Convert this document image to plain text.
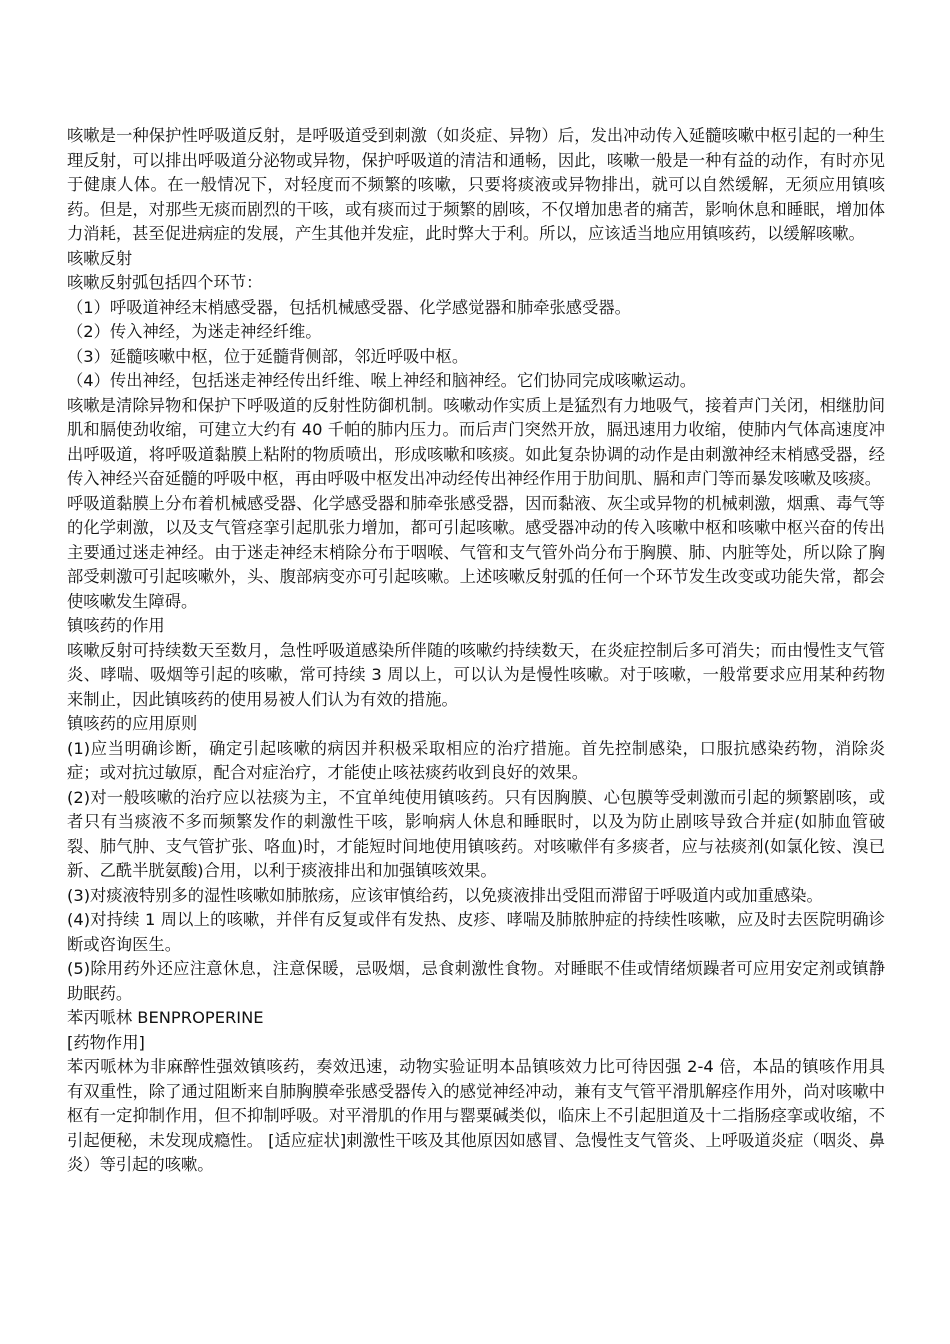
咳嗽是一种保护性呼吸道反射，是呼吸道受到刺激（如炎症、异物）后，发出冲动传入延髓咳嗽中枢引起的一种生理反射，可以排出呼吸道分泌物或异物，保护呼吸道的清洁和通畅，因此，咳嗽一般是一种有益的动作，有时亦见于健康人体。在一般情况下，对轻度而不频繁的咳嗽，只要将痰液或异物排出，就可以自然缓解，无须应用镇咳药。但是，对那些无痰而剧烈的干咳，或有痰而过于频繁的剧咳，不仅增加患者的痛苦，影响休息和睡眠，增加体力消耗，甚至促进病症的发展，产生其他并发症，此时弊大于利。所以，应该适当地应用镇咳药，以缓解咳嗽。

咳嗽反射

咳嗽反射弧包括四个环节：

（1）呼吸道神经末梢感受器，包括机械感受器、化学感觉器和肺牵张感受器。

（2）传入神经，为迷走神经纤维。

（3）延髓咳嗽中枢，位于延髓背侧部，邻近呼吸中枢。

（4）传出神经，包括迷走神经传出纤维、喉上神经和脑神经。它们协同完成咳嗽运动。

咳嗽是清除异物和保护下呼吸道的反射性防御机制。咳嗽动作实质上是猛烈有力地吸气，接着声门关闭，相继肋间肌和膈使劲收缩，可建立大约有 40 千帕的肺内压力。而后声门突然开放，膈迅速用力收缩，使肺内气体高速度冲出呼吸道，将呼吸道黏膜上粘附的物质喷出，形成咳嗽和咳痰。如此复杂协调的动作是由刺激神经末梢感受器，经传入神经兴奋延髓的呼吸中枢，再由呼吸中枢发出冲动经传出神经作用于肋间肌、膈和声门等而暴发咳嗽及咳痰。

呼吸道黏膜上分布着机械感受器、化学感受器和肺牵张感受器，因而黏液、灰尘或异物的机械刺激，烟熏、毒气等的化学刺激，以及支气管痉挛引起肌张力增加，都可引起咳嗽。感受器冲动的传入咳嗽中枢和咳嗽中枢兴奋的传出主要通过迷走神经。由于迷走神经末梢除分布于咽喉、气管和支气管外尚分布于胸膜、肺、内脏等处，所以除了胸部受刺激可引起咳嗽外，头、腹部病变亦可引起咳嗽。上述咳嗽反射弧的任何一个环节发生改变或功能失常，都会使咳嗽发生障碍。

镇咳药的作用

咳嗽反射可持续数天至数月，急性呼吸道感染所伴随的咳嗽约持续数天，在炎症控制后多可消失；而由慢性支气管炎、哮喘、吸烟等引起的咳嗽，常可持续 3 周以上，可以认为是慢性咳嗽。对于咳嗽，一般常要求应用某种药物来制止，因此镇咳药的使用易被人们认为有效的措施。

镇咳药的应用原则

(1)应当明确诊断，确定引起咳嗽的病因并积极采取相应的治疗措施。首先控制感染，口服抗感染药物，消除炎症；或对抗过敏原，配合对症治疗，才能使止咳祛痰药收到良好的效果。

(2)对一般咳嗽的治疗应以祛痰为主，不宜单纯使用镇咳药。只有因胸膜、心包膜等受刺激而引起的频繁剧咳，或者只有当痰液不多而频繁发作的刺激性干咳，影响病人休息和睡眠时，以及为防止剧咳导致合并症(如肺血管破裂、肺气肿、支气管扩张、咯血)时，才能短时间地使用镇咳药。对咳嗽伴有多痰者，应与祛痰剂(如氯化铵、溴已新、乙酰半胱氨酸)合用，以利于痰液排出和加强镇咳效果。

(3)对痰液特别多的湿性咳嗽如肺脓疡，应该审慎给药，以免痰液排出受阻而滞留于呼吸道内或加重感染。

(4)对持续 1 周以上的咳嗽，并伴有反复或伴有发热、皮疹、哮喘及肺脓肿症的持续性咳嗽，应及时去医院明确诊断或咨询医生。

(5)除用药外还应注意休息，注意保暖，忌吸烟，忌食刺激性食物。对睡眠不佳或情绪烦躁者可应用安定剂或镇静助眠药。

苯丙哌林 BENPROPERINE

[药物作用]

苯丙哌林为非麻醉性强效镇咳药，奏效迅速，动物实验证明本品镇咳效力比可待因强 2-4 倍，本品的镇咳作用具有双重性，除了通过阻断来自肺胸膜牵张感受器传入的感觉神经冲动，兼有支气管平滑肌解痉作用外，尚对咳嗽中枢有一定抑制作用，但不抑制呼吸。对平滑肌的作用与罂粟碱类似，临床上不引起胆道及十二指肠痉挛或收缩，不引起便秘，未发现成瘾性。 [适应症状]刺激性干咳及其他原因如感冒、急慢性支气管炎、上呼吸道炎症（咽炎、鼻炎）等引起的咳嗽。
